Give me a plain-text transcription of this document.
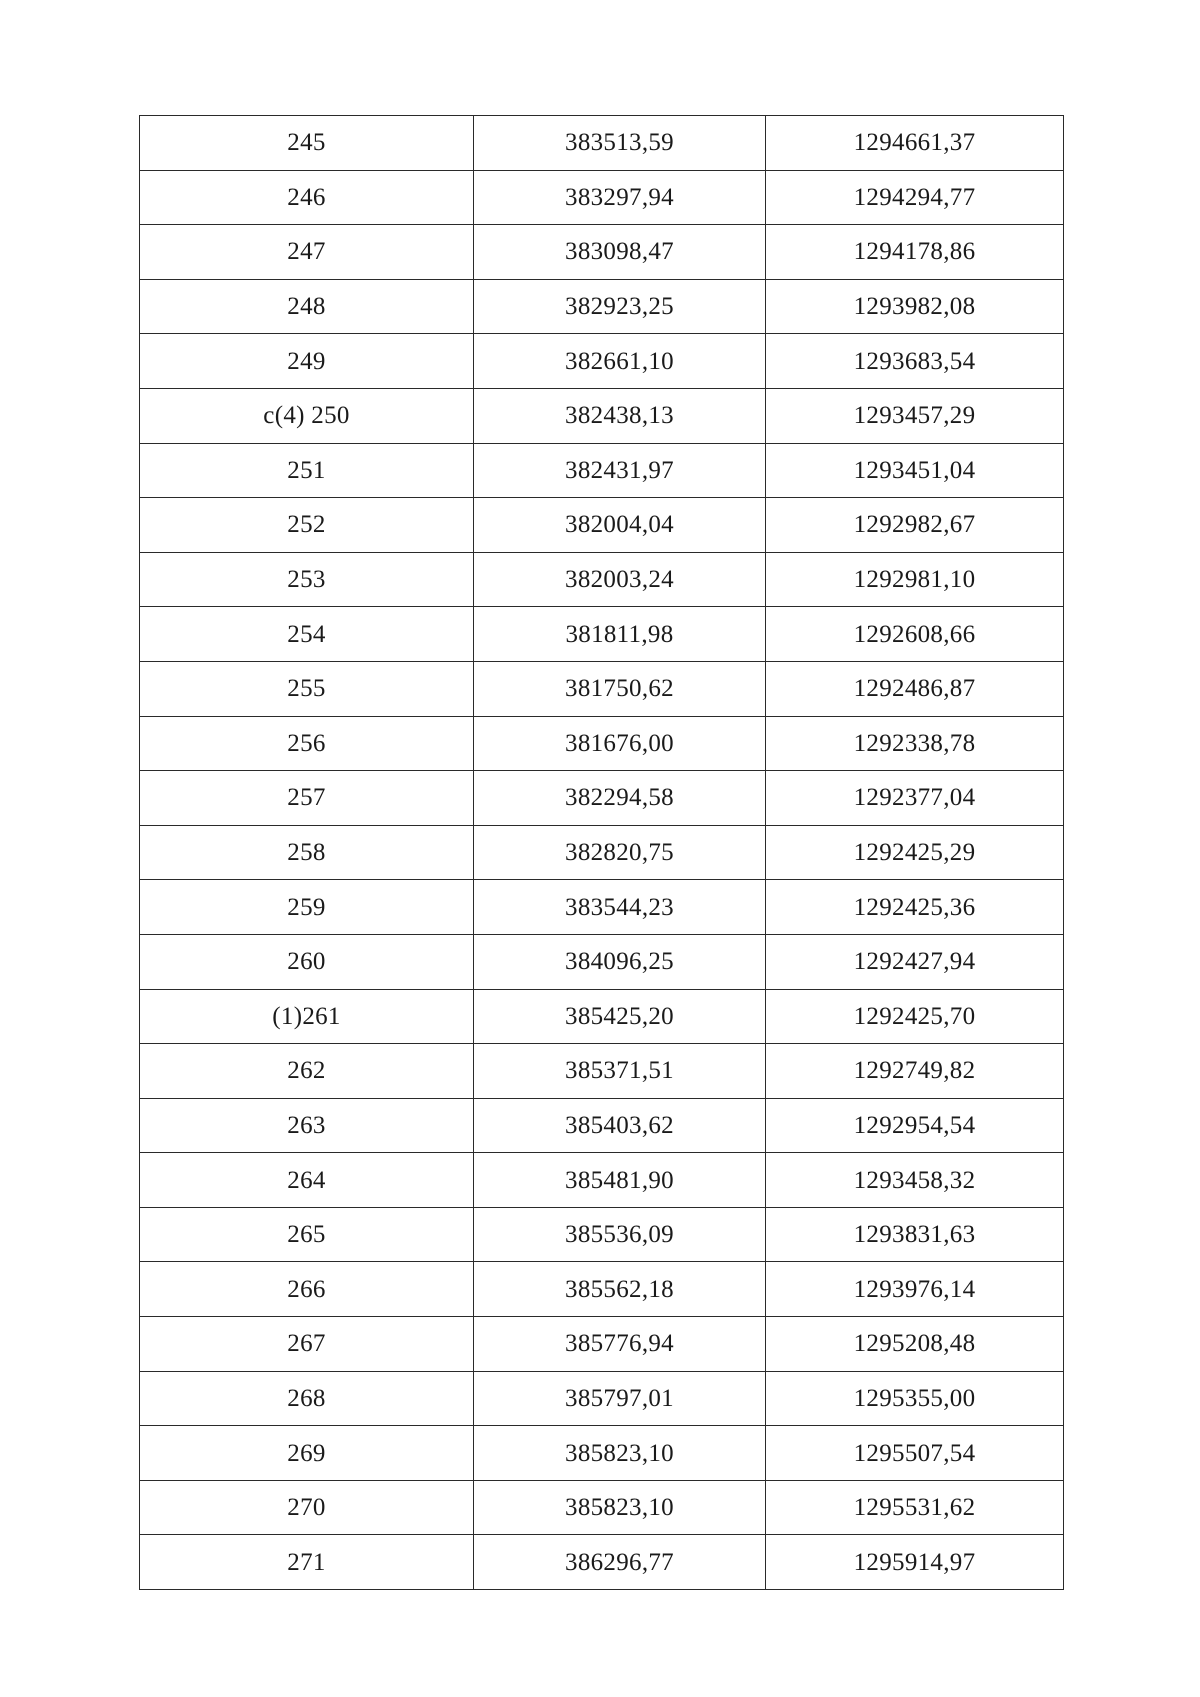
245	383513,59	1294661,37
246	383297,94	1294294,77
247	383098,47	1294178,86
248	382923,25	1293982,08
249	382661,10	1293683,54
c(4) 250	382438,13	1293457,29
251	382431,97	1293451,04
252	382004,04	1292982,67
253	382003,24	1292981,10
254	381811,98	1292608,66
255	381750,62	1292486,87
256	381676,00	1292338,78
257	382294,58	1292377,04
258	382820,75	1292425,29
259	383544,23	1292425,36
260	384096,25	1292427,94
(1)261	385425,20	1292425,70
262	385371,51	1292749,82
263	385403,62	1292954,54
264	385481,90	1293458,32
265	385536,09	1293831,63
266	385562,18	1293976,14
267	385776,94	1295208,48
268	385797,01	1295355,00
269	385823,10	1295507,54
270	385823,10	1295531,62
271	386296,77	1295914,97
